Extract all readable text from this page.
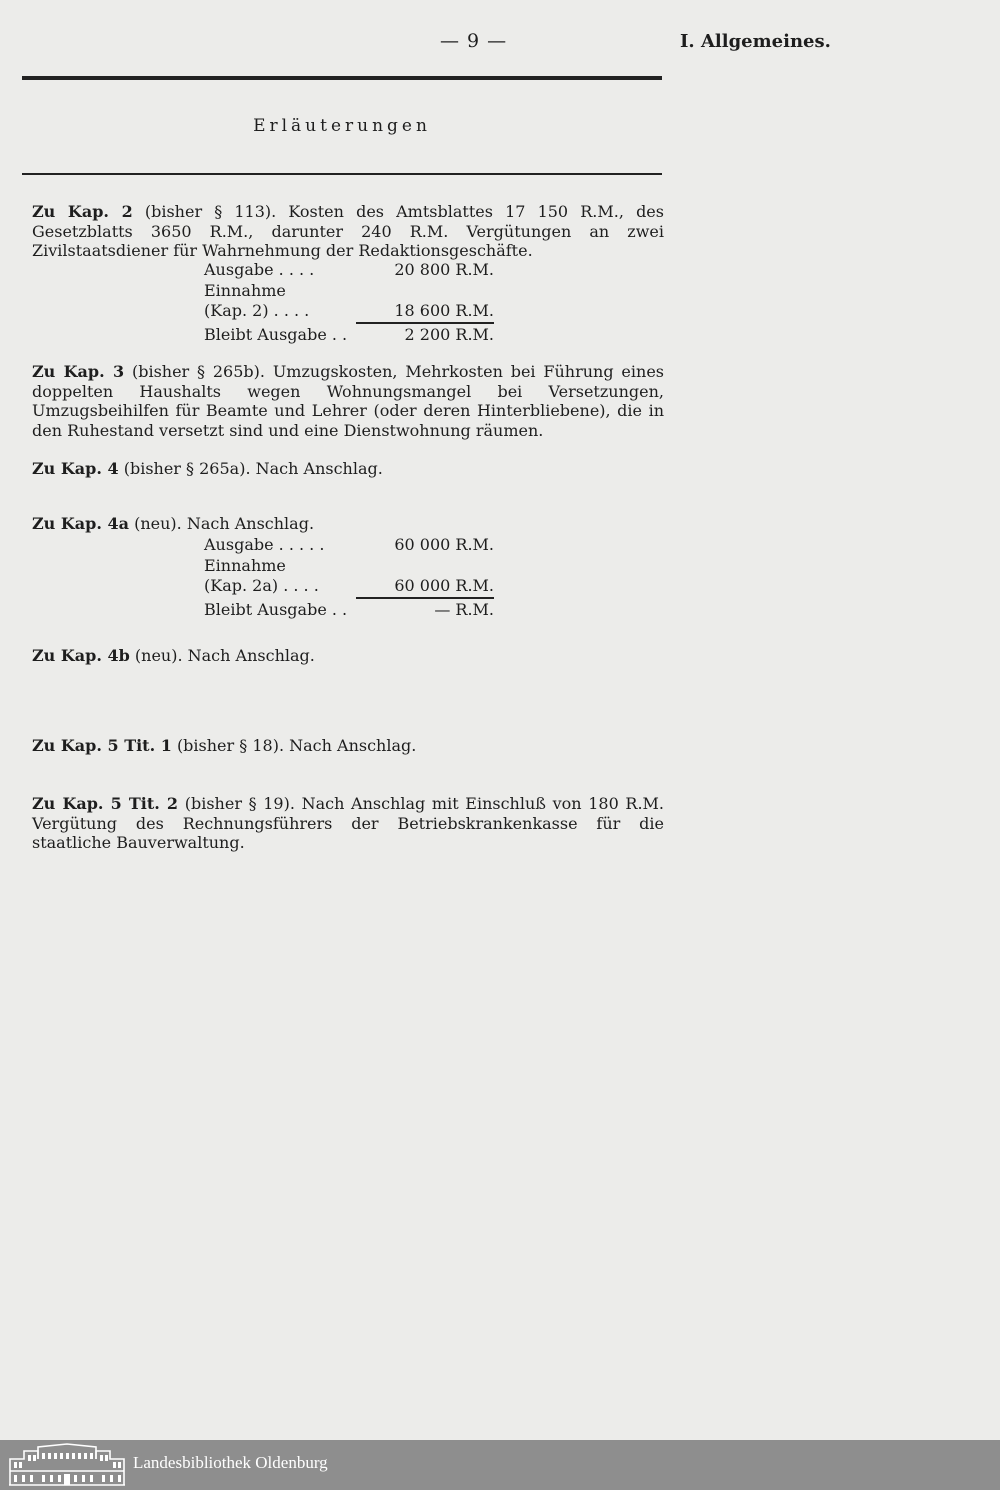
— 9 —	I. Allgemeines.
Erläuterungen

Zu Kap. 2 (bisher § 113). Kosten des Amtsblattes 17 150 R.M., des Gesetzblatts 3650 R.M., darunter 240 R.M. Vergütungen an zwei Zivilstaatsdiener für Wahrnehmung der Redaktionsgeschäfte.

Ausgabe . . . .	20 800 R.M.
Einnahme
(Kap. 2) . . . .	18 600 R.M.
Bleibt Ausgabe . .	2 200 R.M.

Zu Kap. 3 (bisher § 265b). Umzugskosten, Mehrkosten bei Führung eines doppelten Haushalts wegen Wohnungsmangel bei Versetzungen, Umzugsbeihilfen für Beamte und Lehrer (oder deren Hinterbliebene), die in den Ruhestand versetzt sind und eine Dienstwohnung räumen.

Zu Kap. 4 (bisher § 265a). Nach Anschlag.

Zu Kap. 4a (neu). Nach Anschlag.

Ausgabe . . . . .	60 000 R.M.
Einnahme
(Kap. 2a) . . . .	60 000 R.M.
Bleibt Ausgabe . .	— R.M.

Zu Kap. 4b (neu). Nach Anschlag.

Zu Kap. 5 Tit. 1 (bisher § 18). Nach Anschlag.

Zu Kap. 5 Tit. 2 (bisher § 19). Nach Anschlag mit Einschluß von 180 R.M. Vergütung des Rechnungsführers der Betriebskrankenkasse für die staatliche Bauverwaltung.

Landesbibliothek Oldenburg
